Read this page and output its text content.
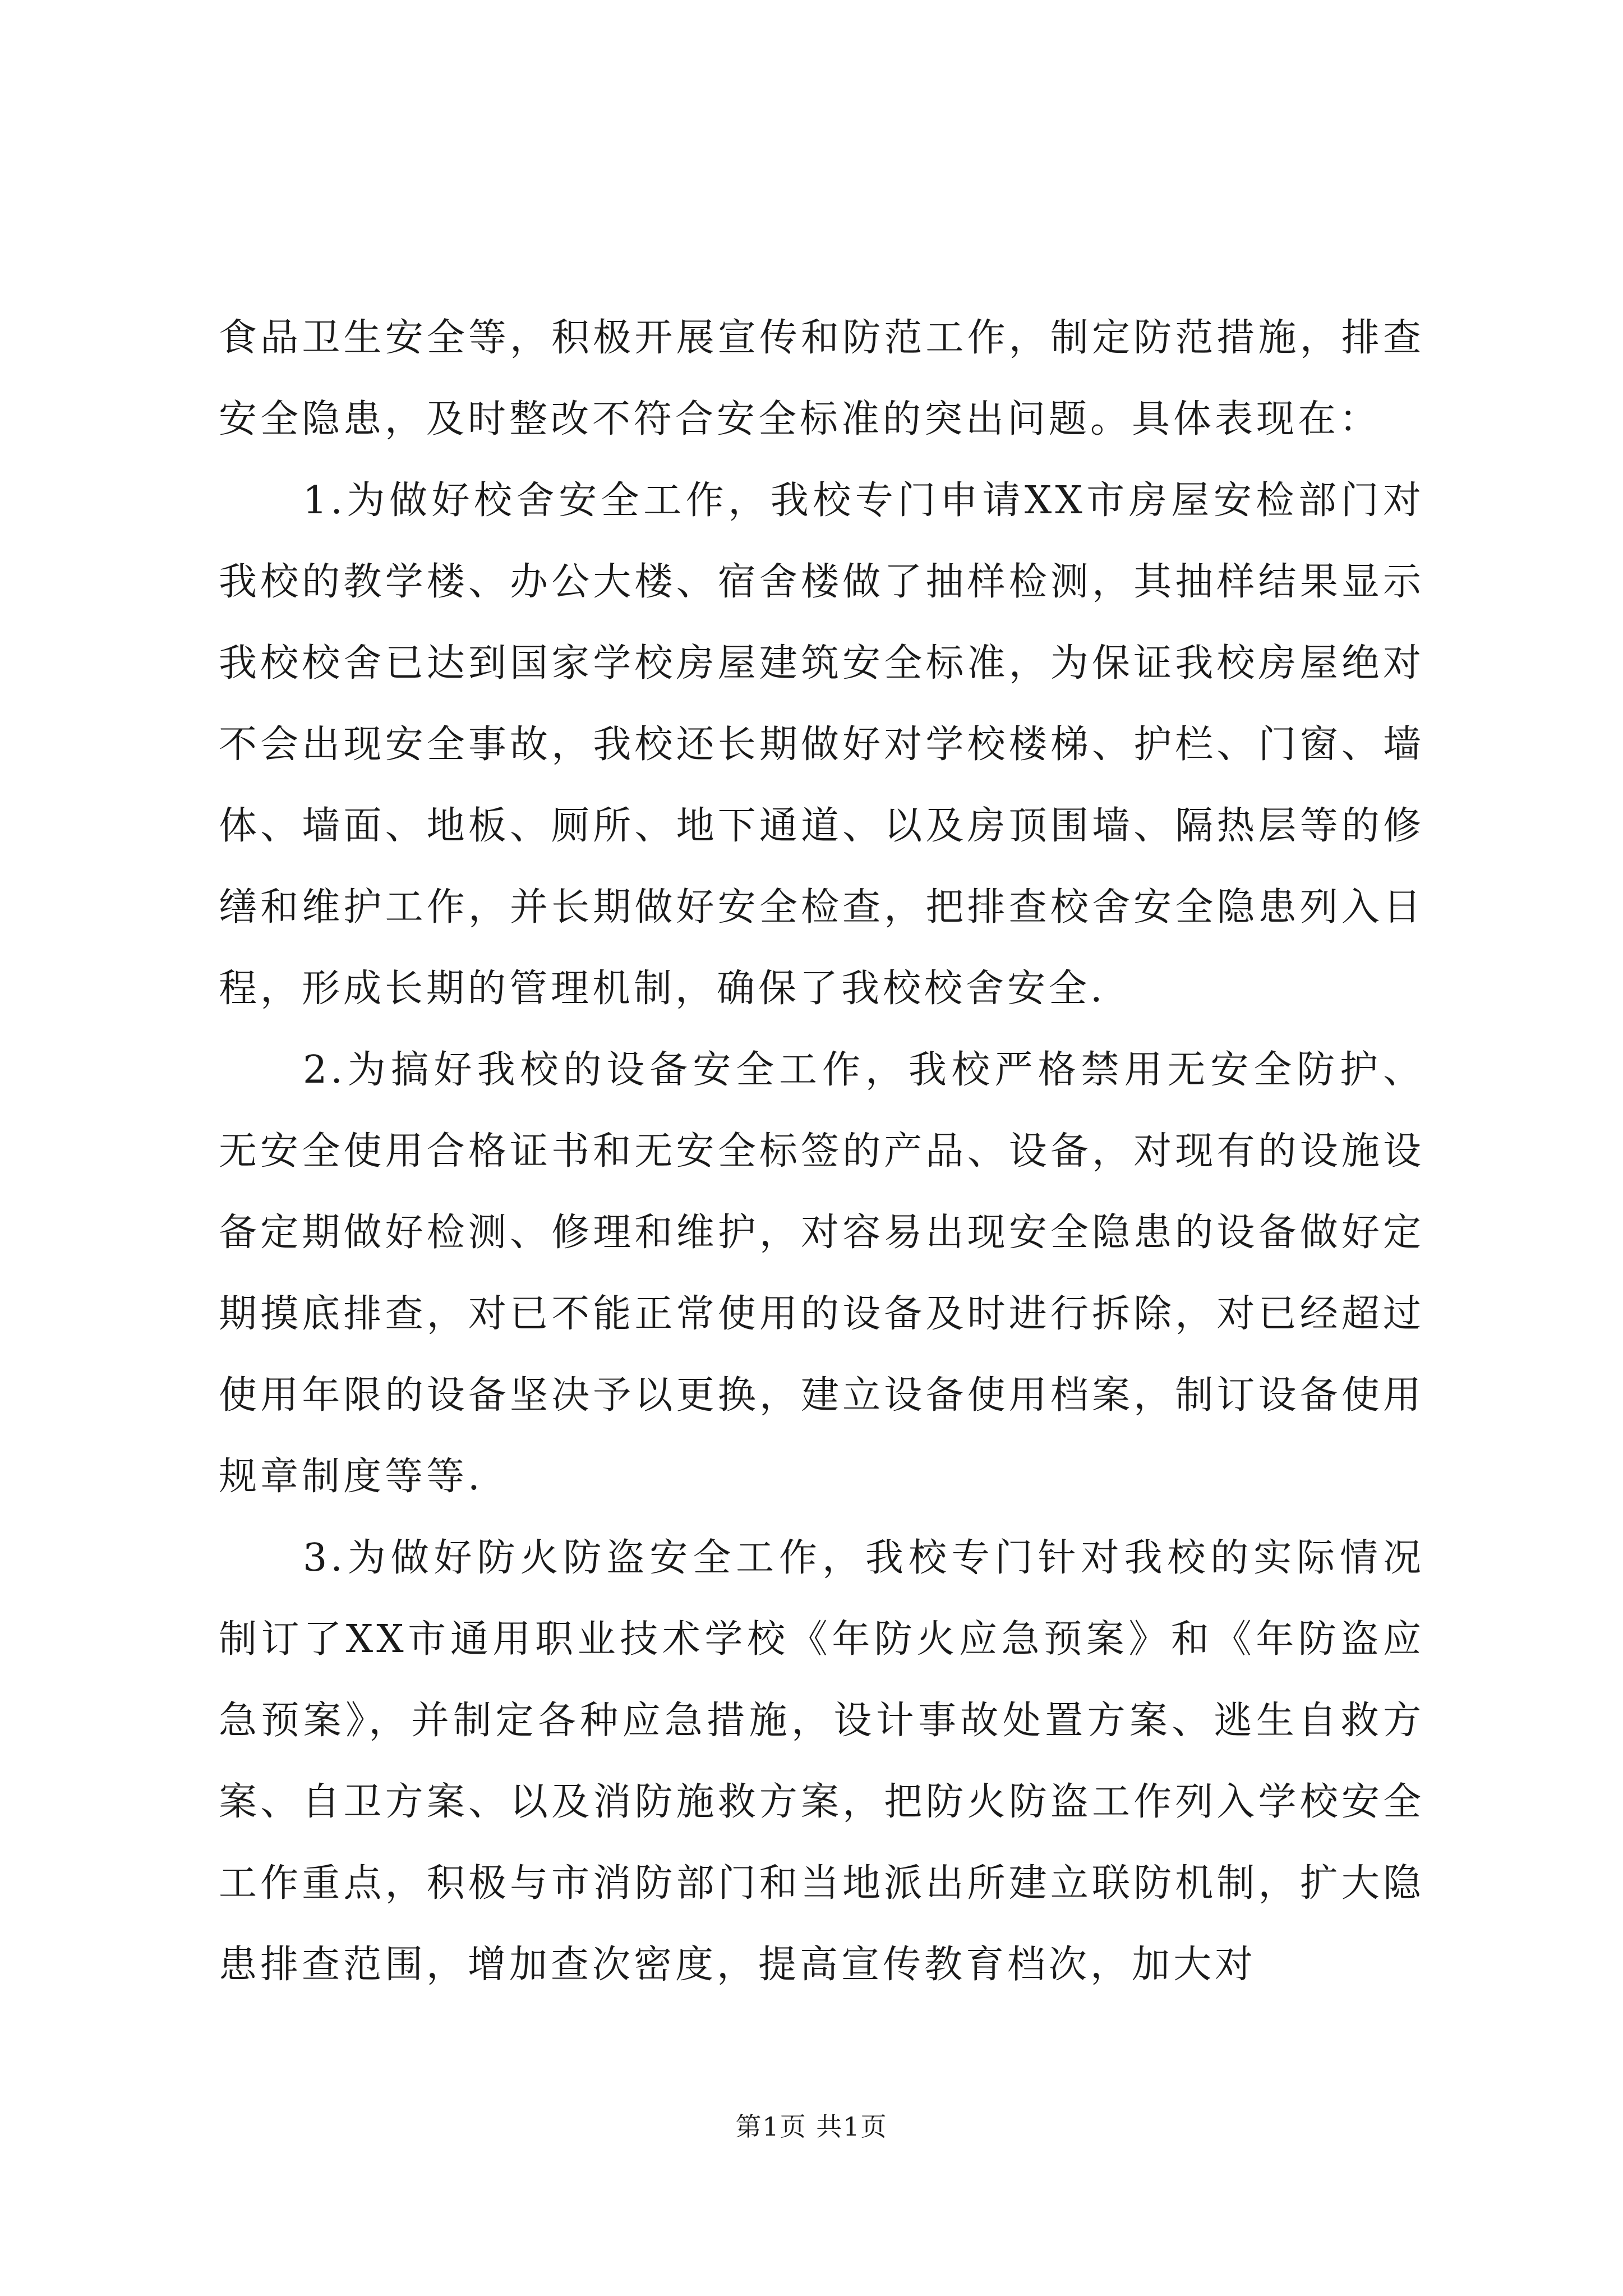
食品卫生安全等，积极开展宣传和防范工作，制定防范措施，排查安全隐患，及时整改不符合安全标准的突出问题。具体表现在：

1.为做好校舍安全工作，我校专门申请XX市房屋安检部门对我校的教学楼、办公大楼、宿舍楼做了抽样检测，其抽样结果显示我校校舍已达到国家学校房屋建筑安全标准，为保证我校房屋绝对不会出现安全事故，我校还长期做好对学校楼梯、护栏、门窗、墙体、墙面、地板、厕所、地下通道、以及房顶围墙、隔热层等的修缮和维护工作，并长期做好安全检查，把排查校舍安全隐患列入日程，形成长期的管理机制，确保了我校校舍安全.

2.为搞好我校的设备安全工作，我校严格禁用无安全防护、无安全使用合格证书和无安全标签的产品、设备，对现有的设施设备定期做好检测、修理和维护，对容易出现安全隐患的设备做好定期摸底排查，对已不能正常使用的设备及时进行拆除，对已经超过使用年限的设备坚决予以更换，建立设备使用档案，制订设备使用规章制度等等.

3.为做好防火防盗安全工作，我校专门针对我校的实际情况制订了XX市通用职业技术学校《年防火应急预案》和《年防盗应急预案》，并制定各种应急措施，设计事故处置方案、逃生自救方案、自卫方案、以及消防施救方案，把防火防盗工作列入学校安全工作重点，积极与市消防部门和当地派出所建立联防机制，扩大隐患排查范围，增加查次密度，提高宣传教育档次，加大对

第1页 共1页
